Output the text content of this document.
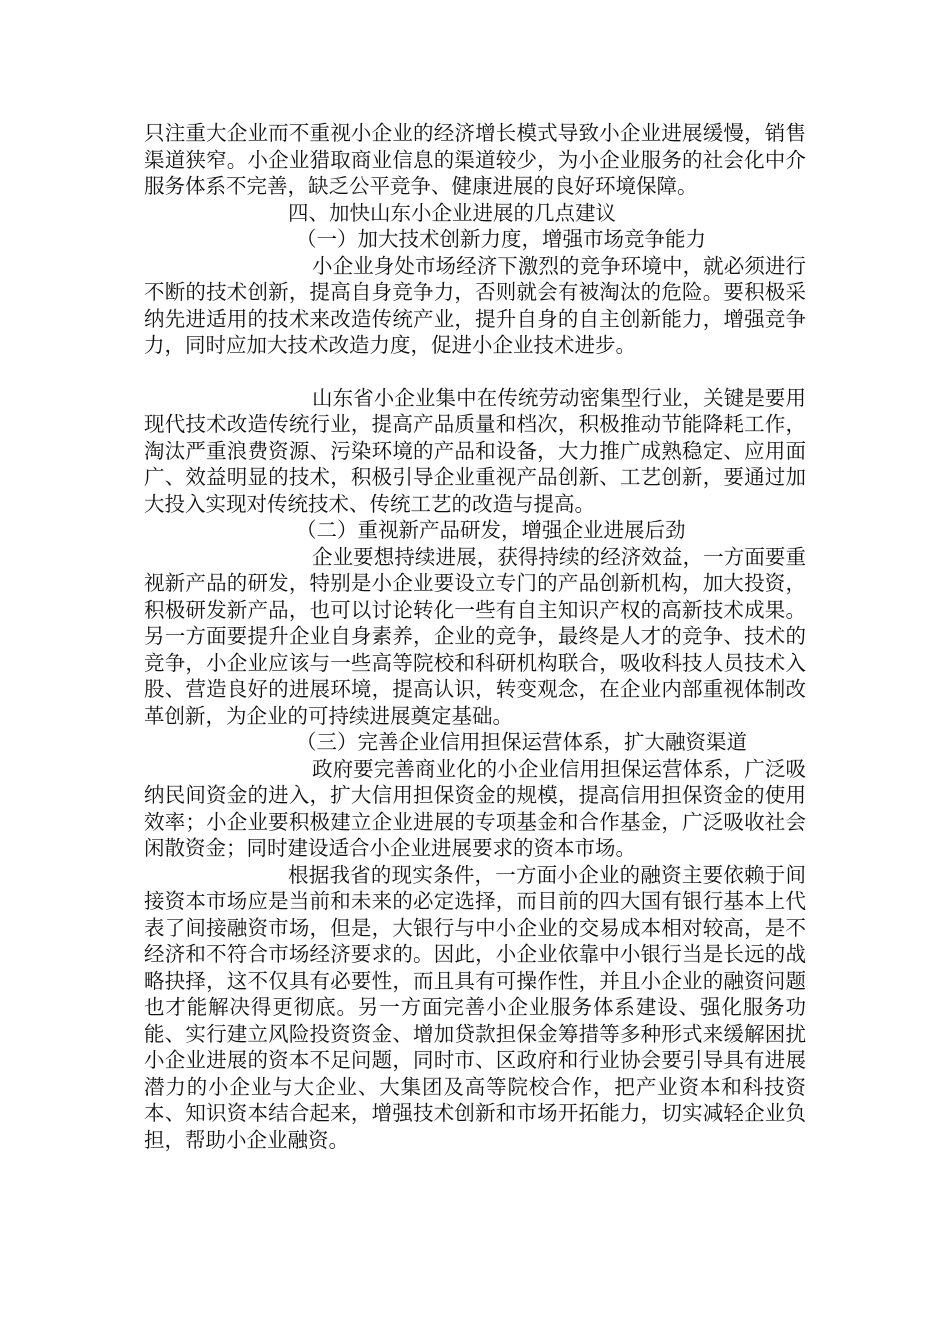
只注重大企业而不重视小企业的经济增长模式导致小企业进展缓慢，销售渠道狭窄。小企业猎取商业信息的渠道较少，为小企业服务的社会化中介服务体系不完善，缺乏公平竞争、健康进展的良好环境保障。

四、加快山东小企业进展的几点建议

（一）加大技术创新力度，增强市场竞争能力

小企业身处市场经济下激烈的竞争环境中，就必须进行不断的技术创新，提高自身竞争力，否则就会有被淘汰的危险。要积极采纳先进适用的技术来改造传统产业，提升自身的自主创新能力，增强竞争力，同时应加大技术改造力度，促进小企业技术进步。

山东省小企业集中在传统劳动密集型行业，关键是要用现代技术改造传统行业，提高产品质量和档次，积极推动节能降耗工作，淘汰严重浪费资源、污染环境的产品和设备，大力推广成熟稳定、应用面广、效益明显的技术，积极引导企业重视产品创新、工艺创新，要通过加大投入实现对传统技术、传统工艺的改造与提高。

（二）重视新产品研发，增强企业进展后劲

企业要想持续进展，获得持续的经济效益，一方面要重视新产品的研发，特别是小企业要设立专门的产品创新机构，加大投资，积极研发新产品，也可以讨论转化一些有自主知识产权的高新技术成果。另一方面要提升企业自身素养，企业的竞争，最终是人才的竞争、技术的竞争，小企业应该与一些高等院校和科研机构联合，吸收科技人员技术入股、营造良好的进展环境，提高认识，转变观念，在企业内部重视体制改革创新，为企业的可持续进展奠定基础。

（三）完善企业信用担保运营体系，扩大融资渠道

政府要完善商业化的小企业信用担保运营体系，广泛吸纳民间资金的进入，扩大信用担保资金的规模，提高信用担保资金的使用效率；小企业要积极建立企业进展的专项基金和合作基金，广泛吸收社会闲散资金；同时建设适合小企业进展要求的资本市场。

根据我省的现实条件，一方面小企业的融资主要依赖于间接资本市场应是当前和未来的必定选择，而目前的四大国有银行基本上代表了间接融资市场，但是，大银行与中小企业的交易成本相对较高，是不经济和不符合市场经济要求的。因此，小企业依靠中小银行当是长远的战略抉择，这不仅具有必要性，而且具有可操作性，并且小企业的融资问题也才能解决得更彻底。另一方面完善小企业服务体系建设、强化服务功能、实行建立风险投资资金、增加贷款担保金筹措等多种形式来缓解困扰小企业进展的资本不足问题，同时市、区政府和行业协会要引导具有进展潜力的小企业与大企业、大集团及高等院校合作，把产业资本和科技资本、知识资本结合起来，增强技术创新和市场开拓能力，切实减轻企业负担，帮助小企业融资。
